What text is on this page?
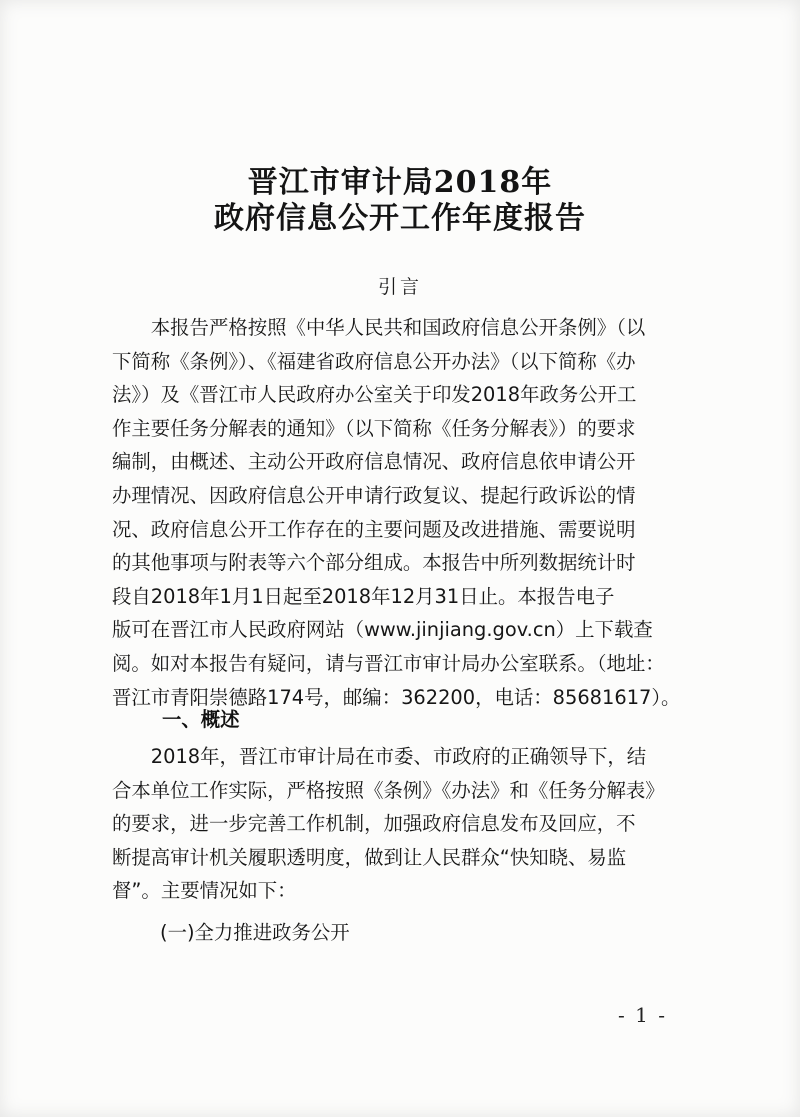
晋江市审计局2018年
政府信息公开工作年度报告
引言
　　本报告严格按照《中华人民共和国政府信息公开条例》（以
下简称《条例》）、《福建省政府信息公开办法》（以下简称《办
法》）及《晋江市人民政府办公室关于印发2018年政务公开工
作主要任务分解表的通知》（以下简称《任务分解表》）的要求
编制，由概述、主动公开政府信息情况、政府信息依申请公开
办理情况、因政府信息公开申请行政复议、提起行政诉讼的情
况、政府信息公开工作存在的主要问题及改进措施、需要说明
的其他事项与附表等六个部分组成。本报告中所列数据统计时
段自2018年1月1日起至2018年12月31日止。本报告电子
版可在晋江市人民政府网站（www.jinjiang.gov.cn）上下载查
阅。如对本报告有疑问，请与晋江市审计局办公室联系。（地址：
晋江市青阳崇德路174号，邮编：362200，电话：85681617）。
一、概述
　　2018年，晋江市审计局在市委、市政府的正确领导下，结
合本单位工作实际，严格按照《条例》《办法》和《任务分解表》
的要求，进一步完善工作机制，加强政府信息发布及回应，不
断提高审计机关履职透明度，做到让人民群众“快知晓、易监
督”。主要情况如下：
(一)全力推进政务公开
- 1 -
